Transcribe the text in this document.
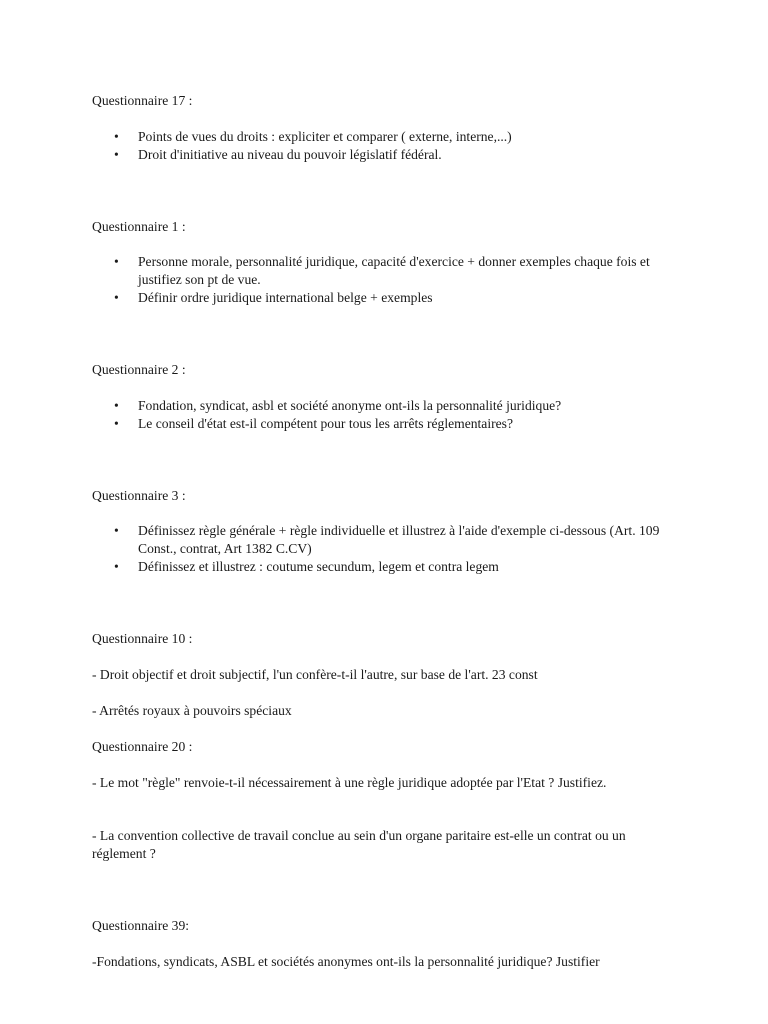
Questionnaire 17 :

• Points de vues du droits : expliciter et comparer ( externe, interne,...)
• Droit d'initiative au niveau du pouvoir législatif fédéral.

Questionnaire 1 :

• Personne morale, personnalité juridique, capacité d'exercice + donner exemples chaque fois et justifiez son pt de vue.
• Définir ordre juridique international belge + exemples

Questionnaire 2 :

• Fondation, syndicat, asbl et société anonyme ont-ils la personnalité juridique?
• Le conseil d'état est-il compétent pour tous les arrêts réglementaires?

Questionnaire 3 :

• Définissez règle générale + règle individuelle et illustrez à l'aide d'exemple ci-dessous (Art. 109 Const., contrat, Art 1382 C.CV)
• Définissez et illustrez : coutume secundum, legem et contra legem

Questionnaire 10 :

- Droit objectif et droit subjectif, l'un confère-t-il l'autre, sur base de l'art. 23 const

- Arrêtés royaux à pouvoirs spéciaux

Questionnaire 20 :

- Le mot "règle" renvoie-t-il nécessairement à une règle juridique adoptée par l'Etat ? Justifiez.

- La convention collective de travail conclue au sein d'un organe paritaire est-elle un contrat ou un réglement ?

Questionnaire 39:

-Fondations, syndicats, ASBL et sociétés anonymes ont-ils la personnalité juridique? Justifier
